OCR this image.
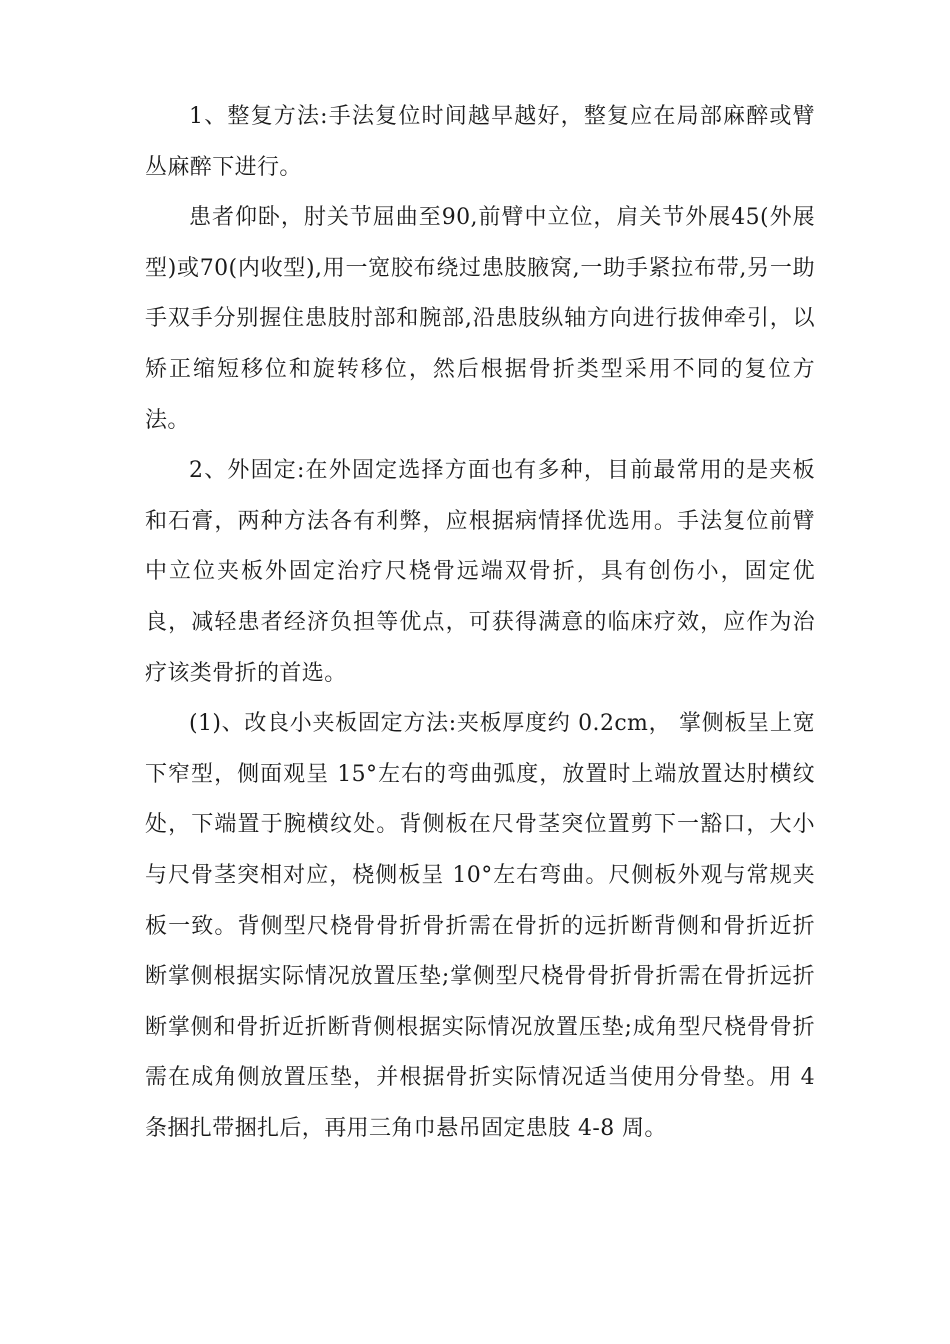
1、整复方法:手法复位时间越早越好，整复应在局部麻醉或臂丛麻醉下进行。

患者仰卧，肘关节屈曲至90,前臂中立位，肩关节外展45(外展型)或70(内收型),用一宽胶布绕过患肢腋窝,一助手紧拉布带,另一助手双手分别握住患肢肘部和腕部,沿患肢纵轴方向进行拔伸牵引，以矫正缩短移位和旋转移位，然后根据骨折类型采用不同的复位方法。

2、外固定:在外固定选择方面也有多种，目前最常用的是夹板和石膏，两种方法各有利弊，应根据病情择优选用。手法复位前臂中立位夹板外固定治疗尺桡骨远端双骨折，具有创伤小，固定优良，减轻患者经济负担等优点，可获得满意的临床疗效，应作为治疗该类骨折的首选。

(1)、改良小夹板固定方法:夹板厚度约 0.2cm， 掌侧板呈上宽下窄型，侧面观呈 15°左右的弯曲弧度，放置时上端放置达肘横纹处，下端置于腕横纹处。背侧板在尺骨茎突位置剪下一豁口，大小与尺骨茎突相对应，桡侧板呈 10°左右弯曲。尺侧板外观与常规夹板一致。背侧型尺桡骨骨折骨折需在骨折的远折断背侧和骨折近折断掌侧根据实际情况放置压垫;掌侧型尺桡骨骨折骨折需在骨折远折断掌侧和骨折近折断背侧根据实际情况放置压垫;成角型尺桡骨骨折需在成角侧放置压垫，并根据骨折实际情况适当使用分骨垫。用 4 条捆扎带捆扎后，再用三角巾悬吊固定患肢 4-8 周。
